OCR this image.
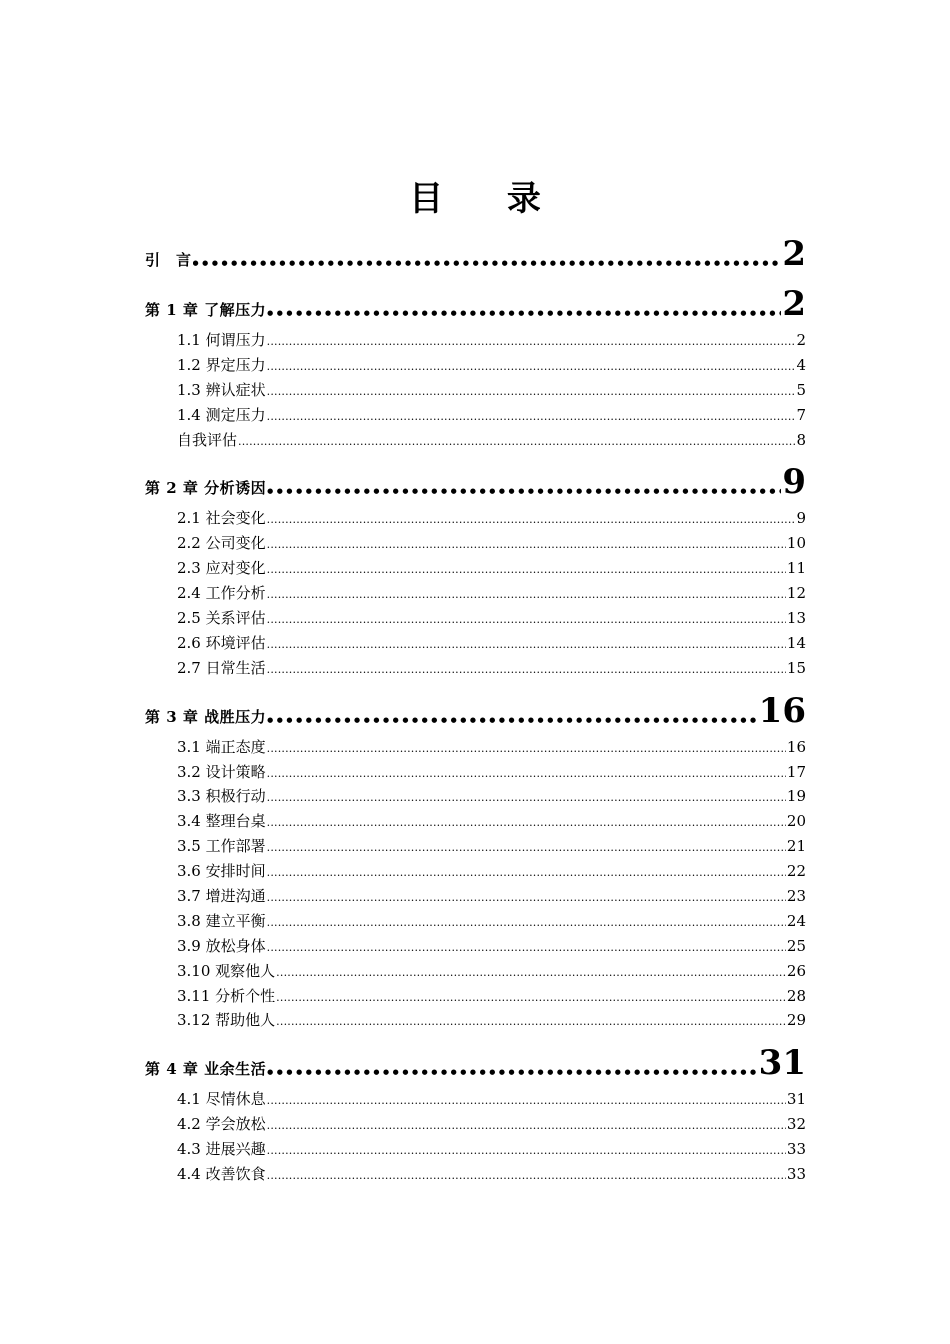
目 录
引　言 ●●●●●●●●●●●●●●●●●●●●●●●●●●●●●●●●●●●●●●●●●●●●●●●●●●●●●●●●●●●●●●●●●●●●●●●●●●●●●●●●●●●●●●●●●●●●●●●●●●●●●●	2
第 1 章 了解压力 ●●●●●●●●●●●●●●●●●●●●●●●●●●●●●●●●●●●●●●●●●●●●●●●●●●●●●●●●●●●●●●●●●●●●●●●●●●●●●●●●●●●●●●●●●●●●●●●●●●●●●●	2
1.1 何谓压力 .....	2
1.2 界定压力 .....	4
1.3 辨认症状 .....	5
1.4 测定压力 .....	7
自我评估 .....	8
第 2 章 分析诱因 ●●●●●●●●●●●●●●●●●●●●●●●●●●●●●●●●●●●●●●●●●●●●●●●●●●●●●●●●●●●●●●●●●●●●●●●●●●●●●●●●●●●●●●●●●●●●●●●●●●●●●●	9
2.1 社会变化 .....	9
2.2 公司变化 .....	10
2.3 应对变化 .....	11
2.4 工作分析 .....	12
2.5 关系评估 .....	13
2.6 环境评估 .....	14
2.7 日常生活 .....	15
第 3 章 战胜压力 ●●●●●●●●●●●●●●●●●●●●●●●●●●●●●●●●●●●●●●●●●●●●●●●●●●●●●●●●●●●●●●●●●●●●●●●●●●●●●●●●●●●●●●●●●●●●●●●●●●●●●●	16
3.1 端正态度 .....	16
3.2 设计策略 .....	17
3.3 积极行动 .....	19
3.4 整理台桌 .....	20
3.5 工作部署 .....	21
3.6 安排时间 .....	22
3.7 增进沟通 .....	23
3.8 建立平衡 .....	24
3.9 放松身体 .....	25
3.10 观察他人 .....	26
3.11 分析个性 .....	28
3.12 帮助他人 .....	29
第 4 章 业余生活 ●●●●●●●●●●●●●●●●●●●●●●●●●●●●●●●●●●●●●●●●●●●●●●●●●●●●●●●●●●●●●●●●●●●●●●●●●●●●●●●●●●●●●●●●●●●●●●●●●●●●●●	31
4.1 尽情休息 .....	31
4.2 学会放松 .....	32
4.3 进展兴趣 .....	33
4.4 改善饮食 .....	33
